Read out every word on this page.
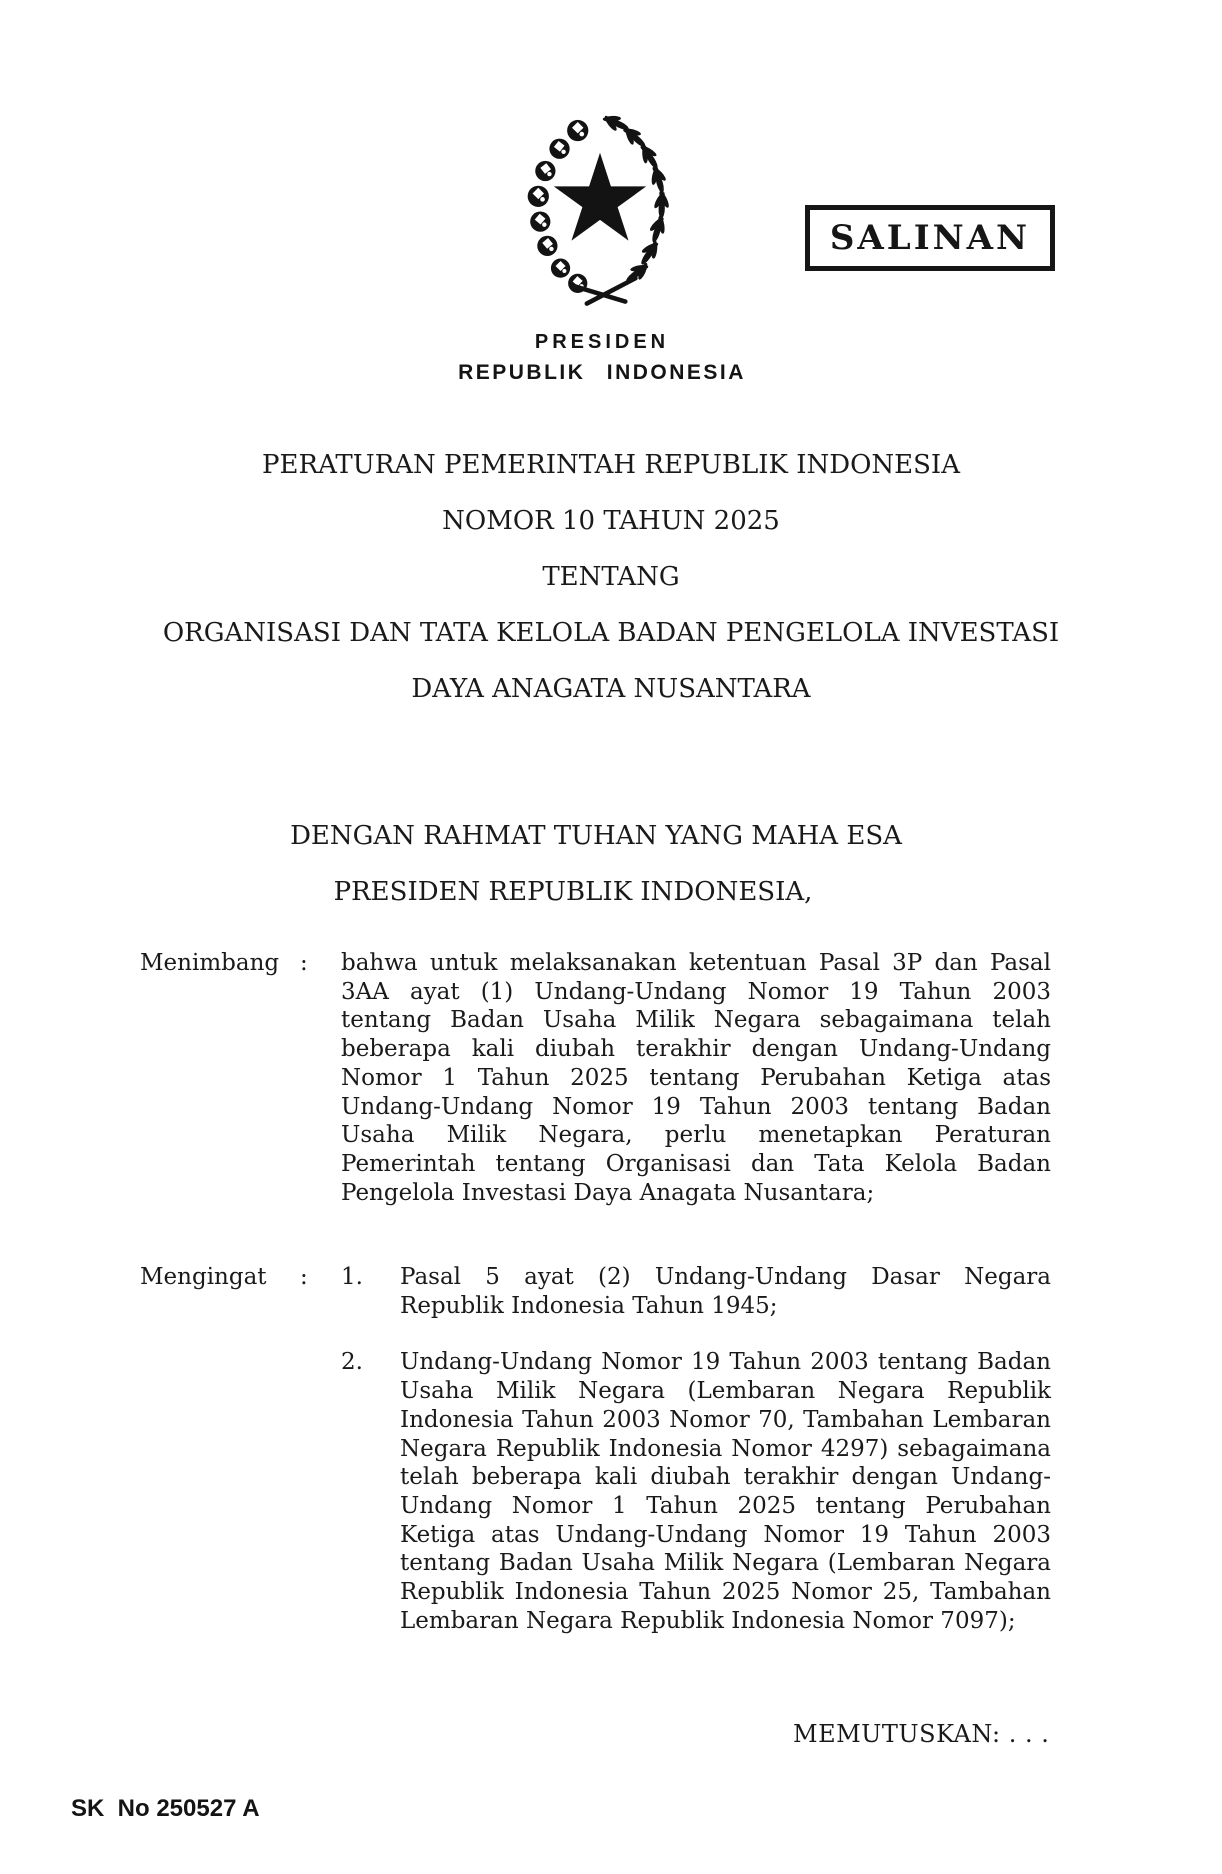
SALINAN
PRESIDEN
REPUBLIK INDONESIA
PERATURAN PEMERINTAH REPUBLIK INDONESIA
NOMOR 10 TAHUN 2025
TENTANG
ORGANISASI DAN TATA KELOLA BADAN PENGELOLA INVESTASI
DAYA ANAGATA NUSANTARA
DENGAN RAHMAT TUHAN YANG MAHA ESA
PRESIDEN REPUBLIK INDONESIA,
Menimbang :	bahwa untuk melaksanakan ketentuan Pasal 3P dan Pasal 3AA ayat (1) Undang-Undang Nomor 19 Tahun 2003 tentang Badan Usaha Milik Negara sebagaimana telah beberapa kali diubah terakhir dengan Undang-Undang Nomor 1 Tahun 2025 tentang Perubahan Ketiga atas Undang-Undang Nomor 19 Tahun 2003 tentang Badan Usaha Milik Negara, perlu menetapkan Peraturan Pemerintah tentang Organisasi dan Tata Kelola Badan Pengelola Investasi Daya Anagata Nusantara;
Mengingat	:	1.	Pasal 5 ayat (2) Undang-Undang Dasar Negara Republik Indonesia Tahun 1945;
2.	Undang-Undang Nomor 19 Tahun 2003 tentang Badan Usaha Milik Negara (Lembaran Negara Republik Indonesia Tahun 2003 Nomor 70, Tambahan Lembaran Negara Republik Indonesia Nomor 4297) sebagaimana telah beberapa kali diubah terakhir dengan Undang-Undang Nomor 1 Tahun 2025 tentang Perubahan Ketiga atas Undang-Undang Nomor 19 Tahun 2003 tentang Badan Usaha Milik Negara (Lembaran Negara Republik Indonesia Tahun 2025 Nomor 25, Tambahan Lembaran Negara Republik Indonesia Nomor 7097);
MEMUTUSKAN: . . .
SK  No 250527 A
